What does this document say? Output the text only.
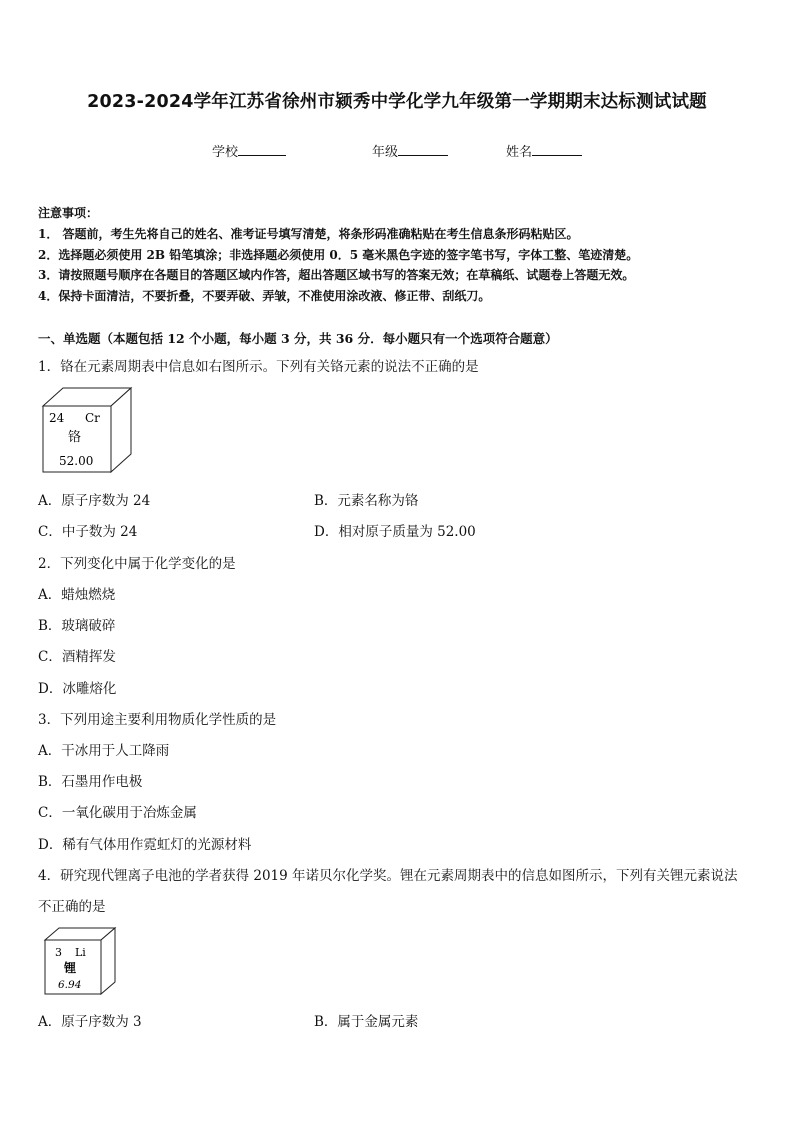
2023-2024学年江苏省徐州市颍秀中学化学九年级第一学期期末达标测试试题
学校	年级	姓名
注意事项：
1． 答题前，考生先将自己的姓名、准考证号填写清楚，将条形码准确粘贴在考生信息条形码粘贴区。
2．选择题必须使用 2B 铅笔填涂；非选择题必须使用 0．5 毫米黑色字迹的签字笔书写，字体工整、笔迹清楚。
3．请按照题号顺序在各题目的答题区域内作答，超出答题区域书写的答案无效；在草稿纸、试题卷上答题无效。
4．保持卡面清洁，不要折叠，不要弄破、弄皱，不准使用涂改液、修正带、刮纸刀。
一、单选题（本题包括 12 个小题，每小题 3 分，共 36 分．每小题只有一个选项符合题意）
1．铬在元素周期表中信息如右图所示。下列有关铬元素的说法不正确的是
24 Cr
铬
52.00
A．原子序数为 24	B．元素名称为铬
C．中子数为 24	D．相对原子质量为 52.00
2．下列变化中属于化学变化的是
A．蜡烛燃烧
B．玻璃破碎
C．酒精挥发
D．冰雕熔化
3．下列用途主要利用物质化学性质的是
A．干冰用于人工降雨
B．石墨用作电极
C．一氧化碳用于冶炼金属
D．稀有气体用作霓虹灯的光源材料
4．研究现代锂离子电池的学者获得 2019 年诺贝尔化学奖。锂在元素周期表中的信息如图所示，下列有关锂元素说法
不正确的是
3 Li
锂
6.94
A．原子序数为 3	B．属于金属元素
